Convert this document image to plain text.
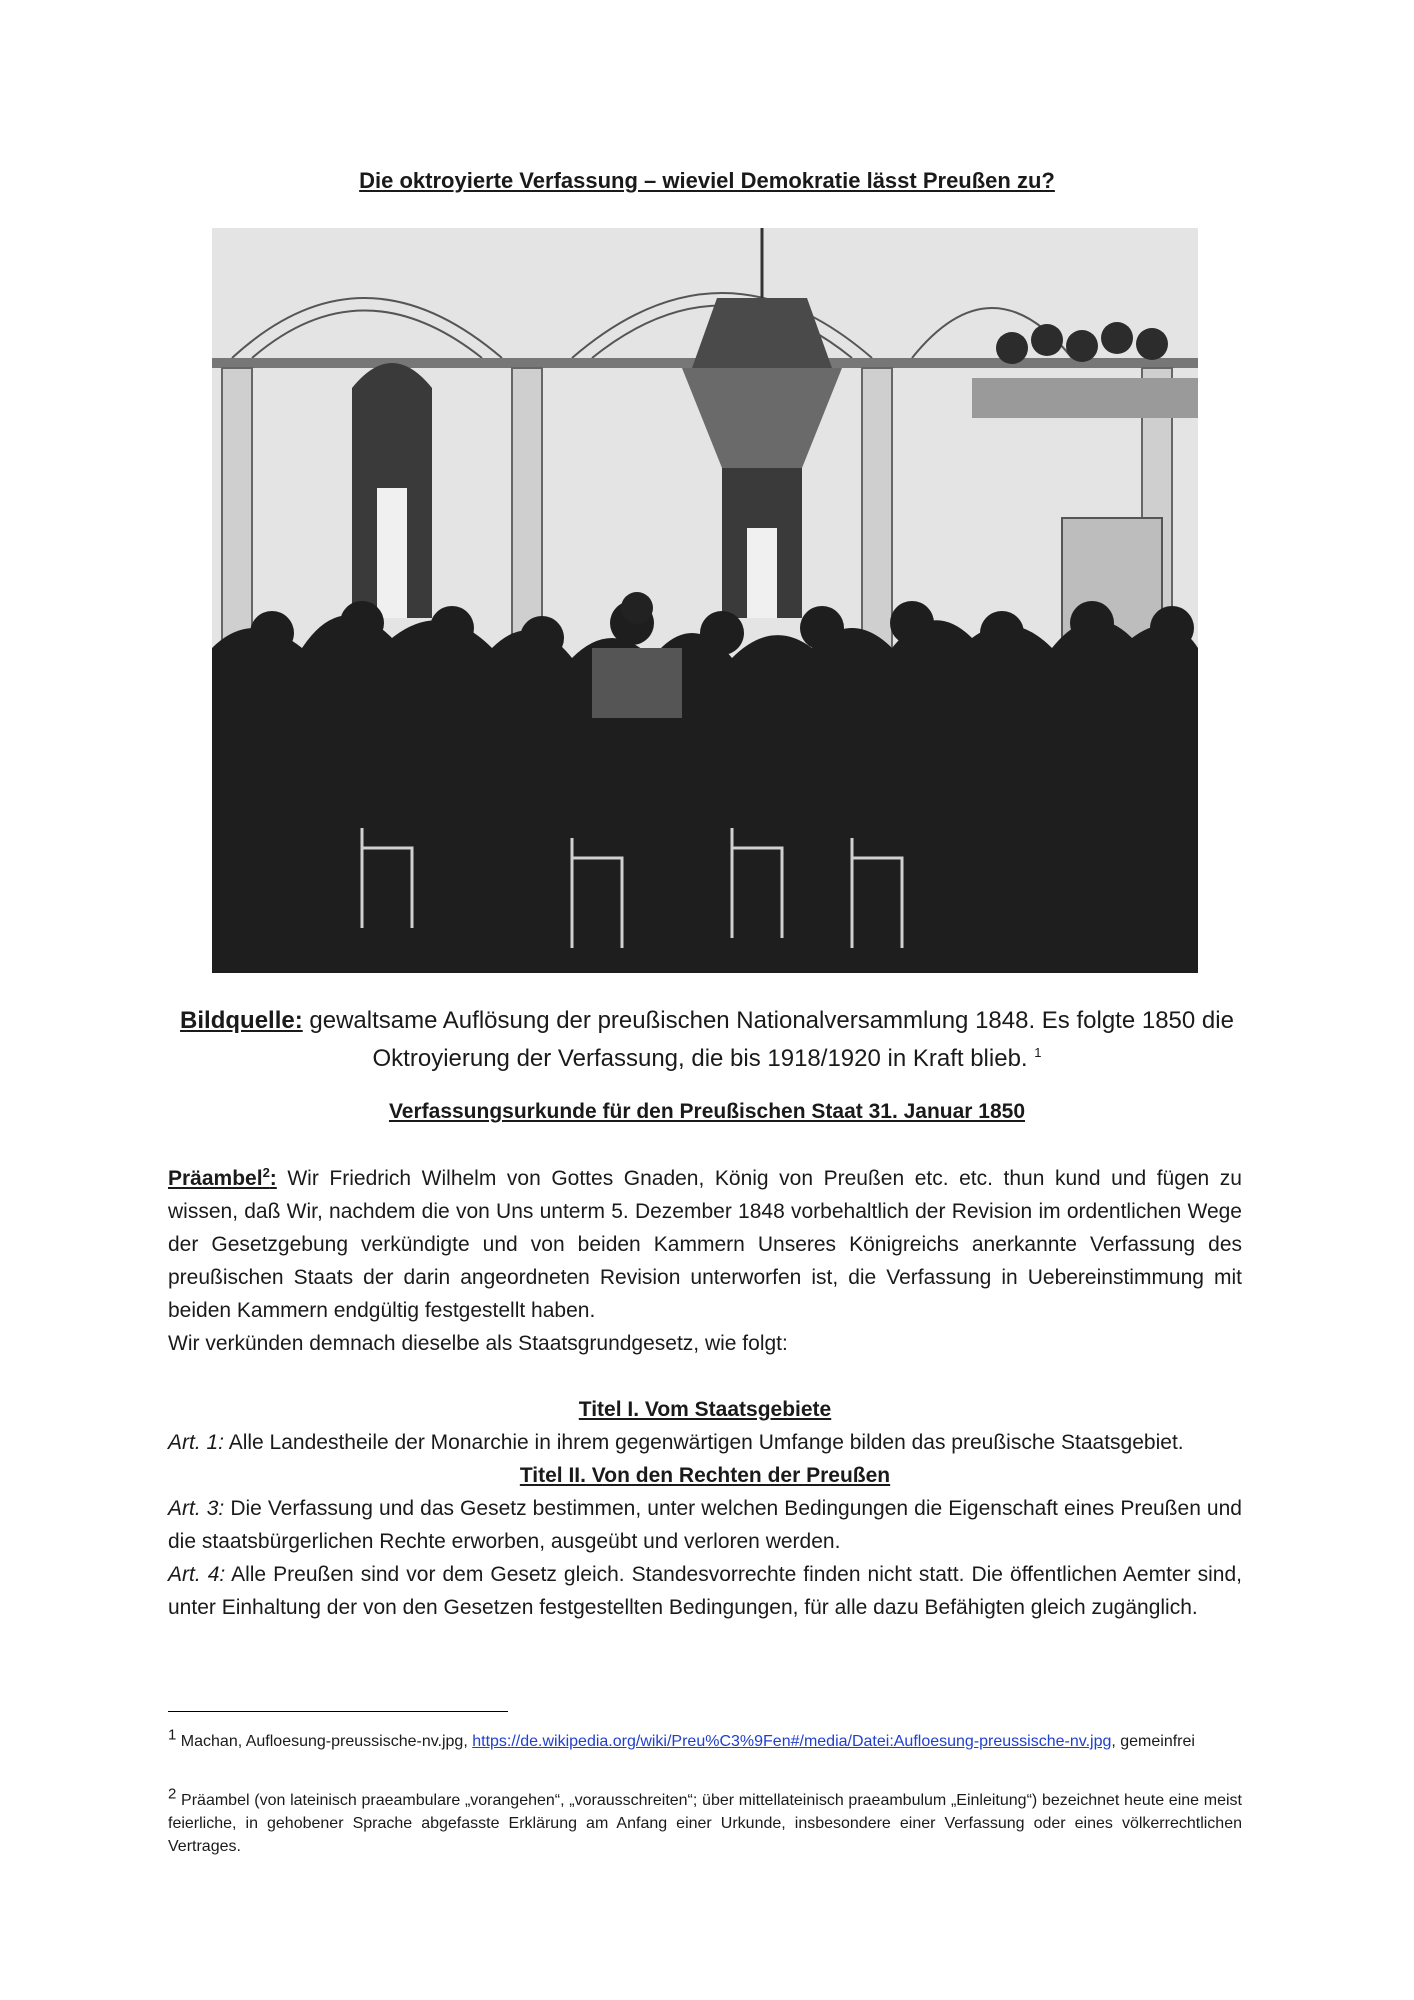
Die oktroyierte Verfassung – wieviel Demokratie lässt Preußen zu?
Bildquelle: gewaltsame Auflösung der preußischen Nationalversammlung 1848. Es folgte 1850 die
Oktroyierung der Verfassung, die bis 1918/1920 in Kraft blieb. $^1$
Verfassungsurkunde für den Preußischen Staat 31. Januar 1850

Präambel$^2$: Wir Friedrich Wilhelm von Gottes Gnaden, König von Preußen etc. etc. thun kund und fügen zu wissen, daß Wir, nachdem die von Uns unterm 5. Dezember 1848 vorbehaltlich der Revision im ordentlichen Wege der Gesetzgebung verkündigte und von beiden Kammern Unseres Königreichs anerkannte Verfassung des preußischen Staats der darin angeordneten Revision unterworfen ist, die Verfassung in Uebereinstimmung mit beiden Kammern endgültig festgestellt haben.

Wir verkünden demnach dieselbe als Staatsgrundgesetz, wie folgt:

Titel I. Vom Staatsgebiete

Art. 1: Alle Landestheile der Monarchie in ihrem gegenwärtigen Umfange bilden das preußische Staatsgebiet.

Titel II. Von den Rechten der Preußen

Art. 3: Die Verfassung und das Gesetz bestimmen, unter welchen Bedingungen die Eigenschaft eines Preußen und die staatsbürgerlichen Rechte erworben, ausgeübt und verloren werden.

Art. 4: Alle Preußen sind vor dem Gesetz gleich. Standesvorrechte finden nicht statt. Die öffentlichen Aemter sind, unter Einhaltung der von den Gesetzen festgestellten Bedingungen, für alle dazu Befähigten gleich zugänglich.

1 Machan, Aufloesung-preussische-nv.jpg, https://de.wikipedia.org/wiki/Preu%C3%9Fen#/media/Datei:Aufloesung-preussische-nv.jpg, gemeinfrei
2 Präambel (von lateinisch praeambulare „vorangehen“, „vorausschreiten“; über mittellateinisch praeambulum „Einleitung“) bezeichnet heute eine meist feierliche, in gehobener Sprache abgefasste Erklärung am Anfang einer Urkunde, insbesondere einer Verfassung oder eines völkerrechtlichen Vertrages.
